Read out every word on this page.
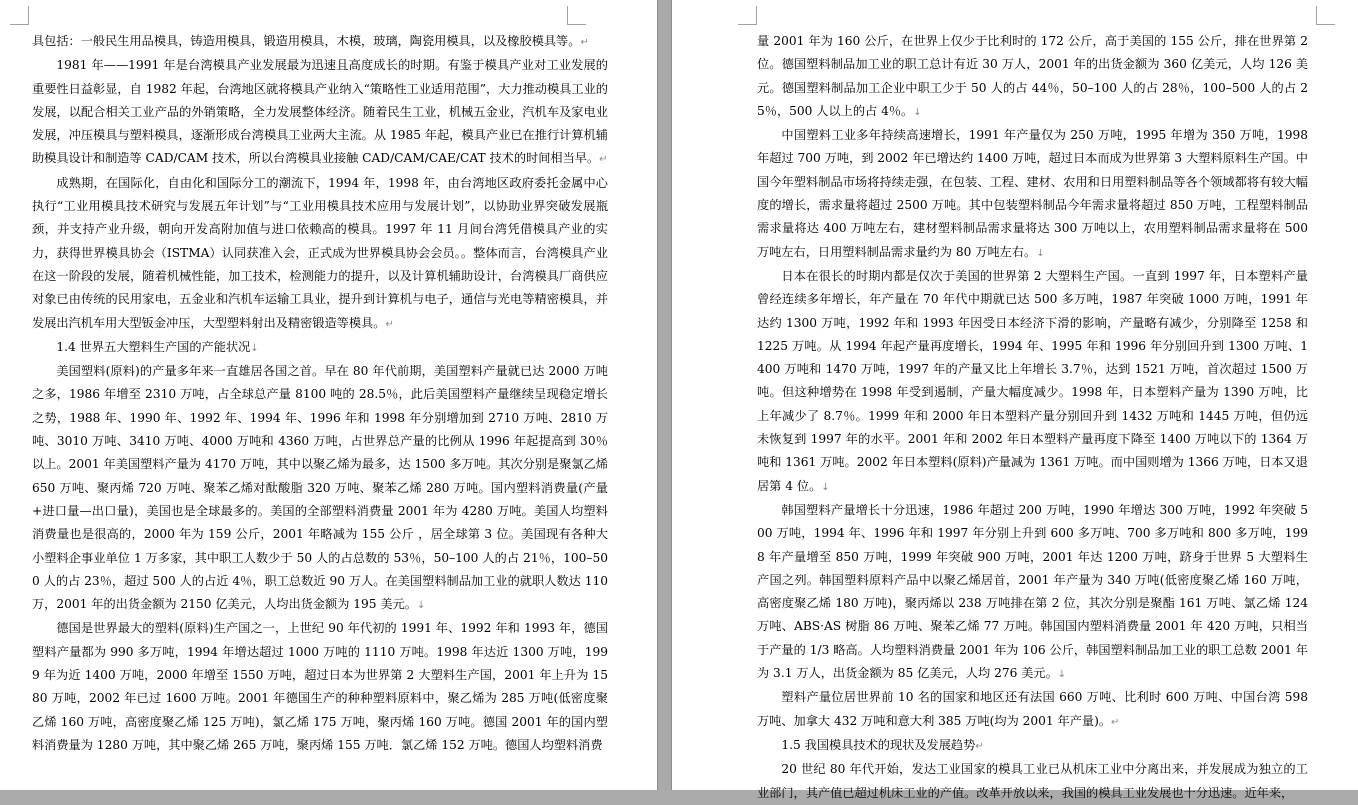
具包括：一般民生用品模具，铸造用模具，锻造用模具，木模，玻璃，陶瓷用模具，以及橡胶模具等。↵

1981 年——1991 年是台湾模具产业发展最为迅速且高度成长的时期。有鉴于模具产业对工业发展的重要性日益彰显，自 1982 年起，台湾地区就将模具产业纳入“策略性工业适用范围”，大力推动模具工业的发展，以配合相关工业产品的外销策略，全力发展整体经济。随着民生工业，机械五金业，汽机车及家电业发展，冲压模具与塑料模具，逐渐形成台湾模具工业两大主流。从 1985 年起，模具产业已在推行计算机辅助模具设计和制造等 CAD/CAM 技术，所以台湾模具业接触 CAD/CAM/CAE/CAT 技术的时间相当早。↵

成熟期，在国际化，自由化和国际分工的潮流下，1994 年，1998 年，由台湾地区政府委托金属中心执行“工业用模具技术研究与发展五年计划”与“工业用模具技术应用与发展计划”，以协助业界突破发展瓶颈，并支持产业升级，朝向开发高附加值与进口依赖高的模具。1997 年 11 月间台湾凭借模具产业的实力，获得世界模具协会（ISTMA）认同获准入会，正式成为世界模具协会会员。。整体而言，台湾模具产业在这一阶段的发展，随着机械性能，加工技术，检测能力的提升，以及计算机辅助设计，台湾模具厂商供应对象已由传统的民用家电，五金业和汽机车运输工具业，提升到计算机与电子，通信与光电等精密模具，并发展出汽机车用大型钣金冲压，大型塑料射出及精密锻造等模具。↵

1.4 世界五大塑料生产国的产能状况↓

美国塑料(原料)的产量多年来一直雄居各国之首。早在 80 年代前期，美国塑料产量就已达 2000 万吨之多，1986 年增至 2310 万吨，占全球总产量 8100 吨的 28.5％，此后美国塑料产量继续呈现稳定增长之势，1988 年、1990 年、1992 年、1994 年、1996 年和 1998 年分别增加到 2710 万吨、2810 万吨、3010 万吨、3410 万吨、4000 万吨和 4360 万吨，占世界总产量的比例从 1996 年起提高到 30％以上。2001 年美国塑料产量为 4170 万吨，其中以聚乙烯为最多，达 1500 多万吨。其次分别是聚氯乙烯 650 万吨、聚丙烯 720 万吨、聚苯乙烯对酞酸脂 320 万吨、聚苯乙烯 280 万吨。国内塑料消费量(产量+进口量—出口量)，美国也是全球最多的。美国的全部塑料消费量 2001 年为 4280 万吨。美国人均塑料消费量也是很高的，2000 年为 159 公斤，2001 年略减为 155 公斤 ，居全球第 3 位。美国现有各种大小塑料企事业单位 1 万多家，其中职工人数少于 50 人的占总数的 53％，50–100 人的占 21％，100–500 人的占 23％，超过 500 人的占近 4％，职工总数近 90 万人。在美国塑料制品加工业的就职人数达 110 万，2001 年的出货金额为 2150 亿美元，人均出货金额为 195 美元。↓

德国是世界最大的塑料(原料)生产国之一，上世纪 90 年代初的 1991 年、1992 年和 1993 年，德国塑料产量都为 990 多万吨，1994 年增达超过 1000 万吨的 1110 万吨。1998 年达近 1300 万吨，1999 年为近 1400 万吨，2000 年增至 1550 万吨，超过日本为世界第 2 大塑料生产国，2001 年上升为 1580 万吨，2002 年已过 1600 万吨。2001 年德国生产的种种塑料原料中，聚乙烯为 285 万吨(低密度聚乙烯 160 万吨，高密度聚乙烯 125 万吨)，氯乙烯 175 万吨，聚丙烯 160 万吨。德国 2001 年的国内塑料消费量为 1280 万吨，其中聚乙烯 265 万吨，聚丙烯 155 万吨．氯乙烯 152 万吨。德国人均塑料消费

量 2001 年为 160 公斤，在世界上仅少于比利时的 172 公斤，高于美国的 155 公斤，排在世界第 2 位。德国塑料制品加工业的职工总计有近 30 万人，2001 年的出货金额为 360 亿美元，人均 126 美元。德国塑料制品加工企业中职工少于 50 人的占 44％，50–100 人的占 28％，100–500 人的占 25％，500 人以上的占 4％。↓

中国塑料工业多年持续高速增长，1991 年产量仅为 250 万吨，1995 年增为 350 万吨，1998 年超过 700 万吨，到 2002 年已增达约 1400 万吨，超过日本而成为世界第 3 大塑料原料生产国。中国今年塑料制品市场将持续走强，在包装、工程、建材、农用和日用塑料制品等各个领域都将有较大幅度的增长，需求量将超过 2500 万吨。其中包装塑料制品今年需求量将超过 850 万吨，工程塑料制品需求量将达 400 万吨左右，建材塑料制品需求量将达 300 万吨以上，农用塑料制品需求量将在 500 万吨左右，日用塑料制品需求量约为 80 万吨左右。↓

日本在很长的时期内都是仅次于美国的世界第 2 大塑料生产国。一直到 1997 年，日本塑料产量曾经连续多年增长，年产量在 70 年代中期就已达 500 多万吨，1987 年突破 1000 万吨，1991 年达约 1300 万吨，1992 年和 1993 年因受日本经济下滑的影响，产量略有减少，分别降至 1258 和 1225 万吨。从 1994 年起产量再度增长，1994 年、1995 年和 1996 年分别回升到 1300 万吨、1400 万吨和 1470 万吨，1997 年的产量又比上年增长 3.7％，达到 1521 万吨，首次超过 1500 万吨。但这种增势在 1998 年受到遏制，产量大幅度减少。1998 年，日本塑料产量为 1390 万吨，比上年减少了 8.7％。1999 年和 2000 年日本塑料产量分别回升到 1432 万吨和 1445 万吨，但仍远未恢复到 1997 年的水平。2001 年和 2002 年日本塑料产量再度下降至 1400 万吨以下的 1364 万吨和 1361 万吨。2002 年日本塑料(原料)产量减为 1361 万吨。而中国则增为 1366 万吨，日本又退居第 4 位。↓

韩国塑料产量增长十分迅速，1986 年超过 200 万吨，1990 年增达 300 万吨，1992 年突破 500 万吨，1994 年、1996 年和 1997 年分别上升到 600 多万吨、700 多万吨和 800 多万吨，1998 年产量增至 850 万吨，1999 年突破 900 万吨，2001 年达 1200 万吨，跻身于世界 5 大塑料生产国之列。韩国塑料原料产品中以聚乙烯居首，2001 年产量为 340 万吨(低密度聚乙烯 160 万吨，高密度聚乙烯 180 万吨)，聚丙烯以 238 万吨排在第 2 位，其次分别是聚酯 161 万吨、氯乙烯 124 万吨、ABS·AS 树脂 86 万吨、聚苯乙烯 77 万吨。韩国国内塑料消费量 2001 年 420 万吨，只相当于产量的 1/3 略高。人均塑料消费量 2001 年为 106 公斤，韩国塑料制品加工业的职工总数 2001 年为 3.1 万人，出货金额为 85 亿美元，人均 276 美元。↓

塑料产量位居世界前 10 名的国家和地区还有法国 660 万吨、比利时 600 万吨、中国台湾 598 万吨、加拿大 432 万吨和意大利 385 万吨(均为 2001 年产量)。↵

1.5 我国模具技术的现状及发展趋势↵

20 世纪 80 年代开始，发达工业国家的模具工业已从机床工业中分离出来，并发展成为独立的工业部门，其产值已超过机床工业的产值。改革开放以来，我国的模具工业发展也十分迅速。近年来，
